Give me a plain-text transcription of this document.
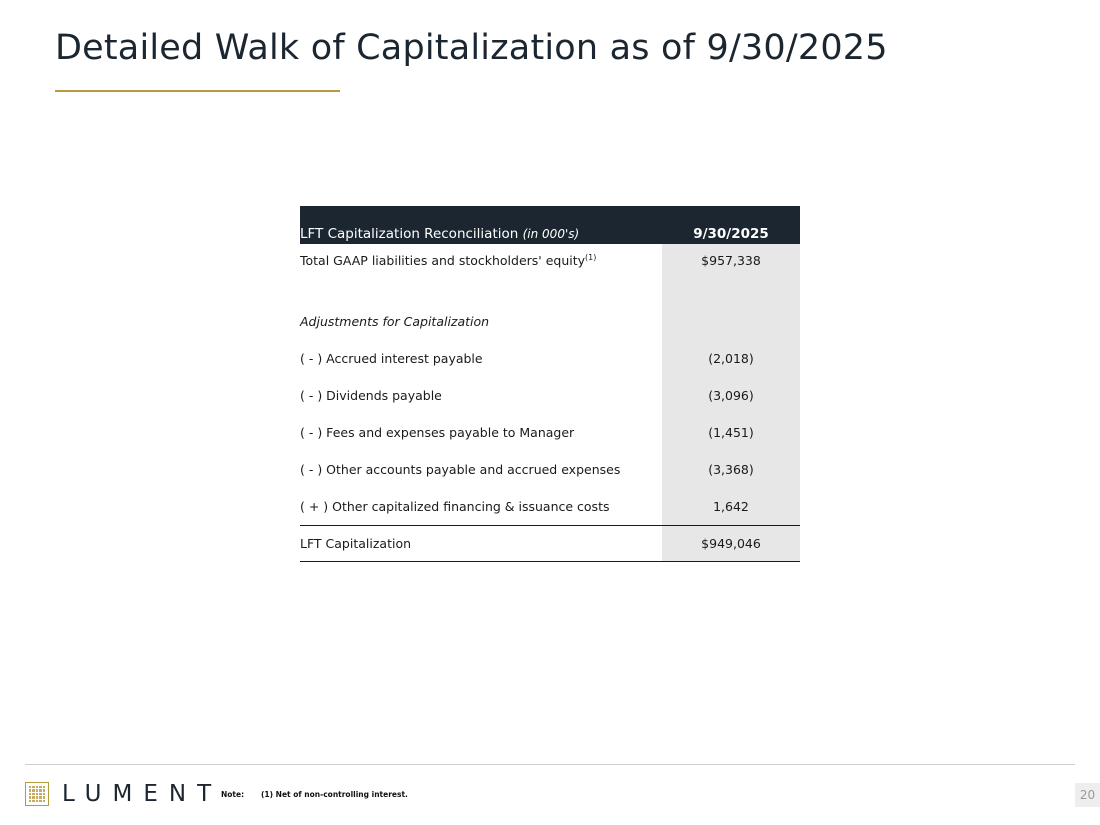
Detailed Walk of Capitalization as of 9/30/2025
LFT Capitalization Reconciliation (in 000's)	9/30/2025
Total GAAP liabilities and stockholders' equity$^{(1)}$	$957,338

Adjustments for Capitalization	
( - ) Accrued interest payable	(2,018)
( - ) Dividends payable	(3,096)
( - ) Fees and expenses payable to Manager	(1,451)
( - ) Other accounts payable and accrued expenses	(3,368)
( + ) Other capitalized financing & issuance costs	1,642
LFT Capitalization	$949,046
LUMENT
Note: (1) Net of non-controlling interest.	20
